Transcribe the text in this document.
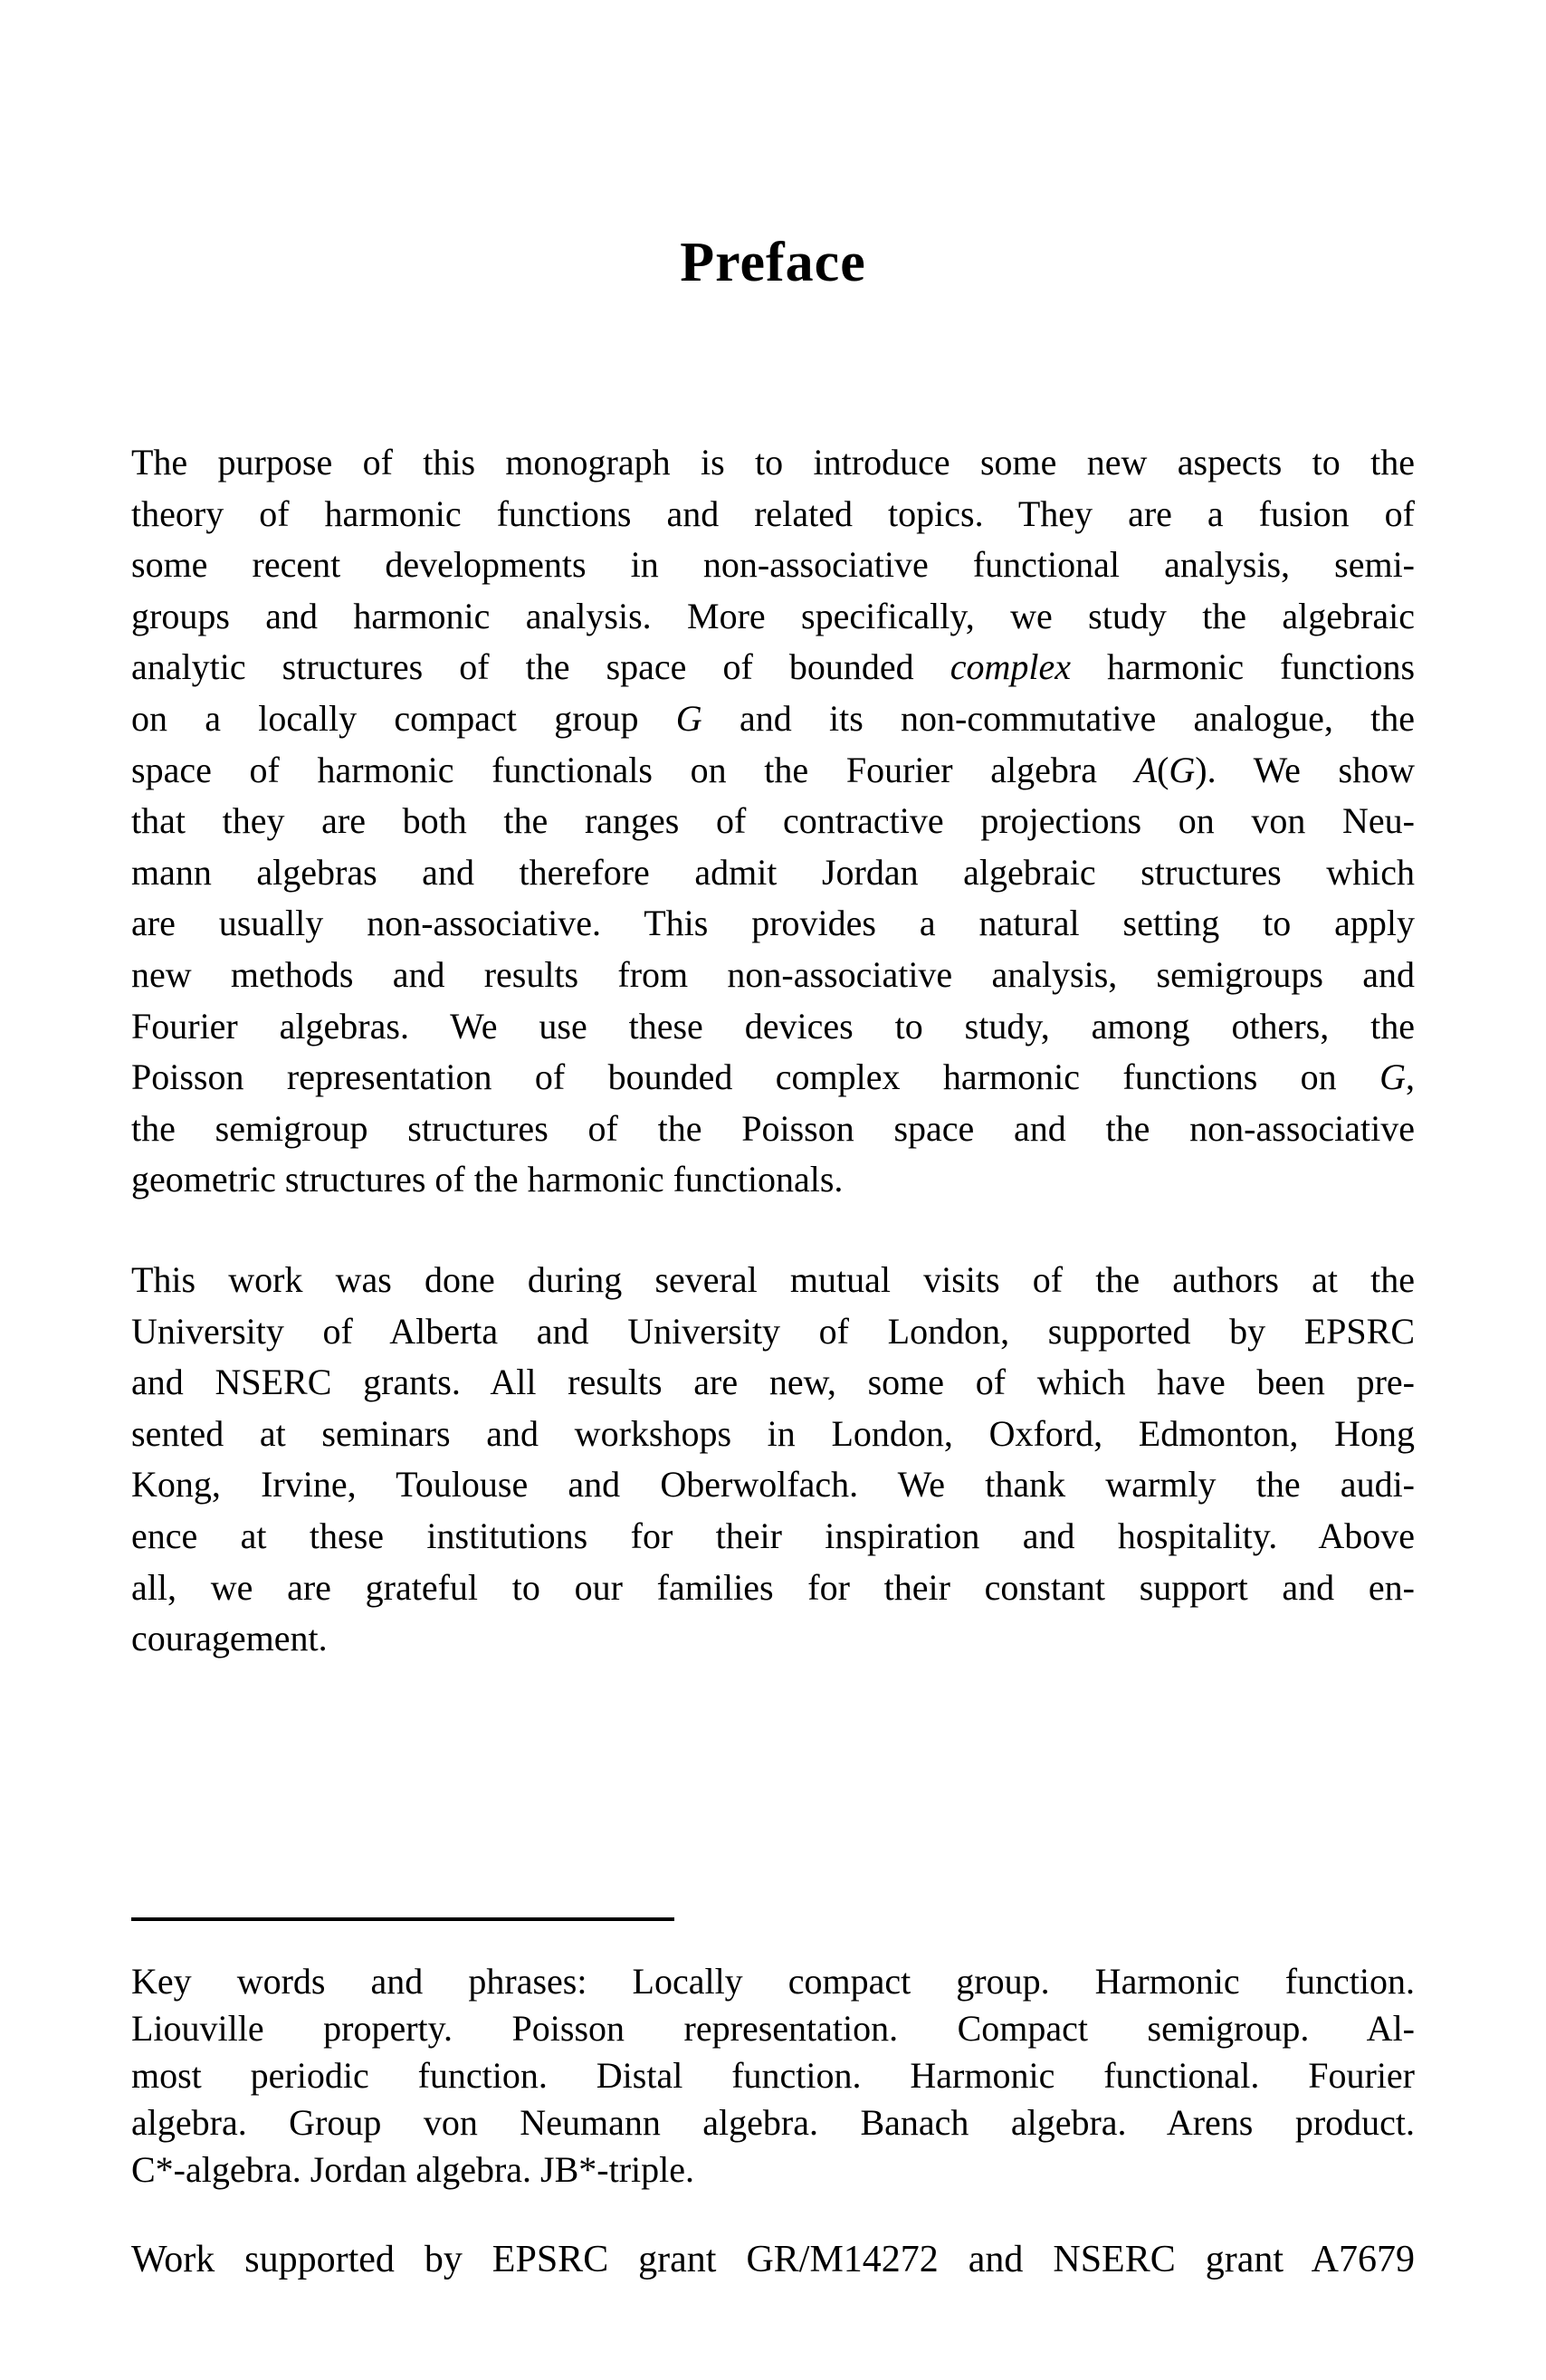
Preface
The purpose of this monograph is to introduce some new aspects to the
theory of harmonic functions and related topics. They are a fusion of
some recent developments in non-associative functional analysis, semi-
groups and harmonic analysis. More specifically, we study the algebraic
analytic structures of the space of bounded complex harmonic functions
on a locally compact group G and its non-commutative analogue, the
space of harmonic functionals on the Fourier algebra A(G). We show
that they are both the ranges of contractive projections on von Neu-
mann algebras and therefore admit Jordan algebraic structures which
are usually non-associative. This provides a natural setting to apply
new methods and results from non-associative analysis, semigroups and
Fourier algebras. We use these devices to study, among others, the
Poisson representation of bounded complex harmonic functions on G,
the semigroup structures of the Poisson space and the non-associative
geometric structures of the harmonic functionals.
This work was done during several mutual visits of the authors at the
University of Alberta and University of London, supported by EPSRC
and NSERC grants. All results are new, some of which have been pre-
sented at seminars and workshops in London, Oxford, Edmonton, Hong
Kong, Irvine, Toulouse and Oberwolfach. We thank warmly the audi-
ence at these institutions for their inspiration and hospitality. Above
all, we are grateful to our families for their constant support and en-
couragement.
Key words and phrases: Locally compact group. Harmonic function.
Liouville property. Poisson representation. Compact semigroup. Al-
most periodic function. Distal function. Harmonic functional. Fourier
algebra. Group von Neumann algebra. Banach algebra. Arens product.
C*-algebra. Jordan algebra. JB*-triple.
Work supported by EPSRC grant GR/M14272 and NSERC grant A7679
